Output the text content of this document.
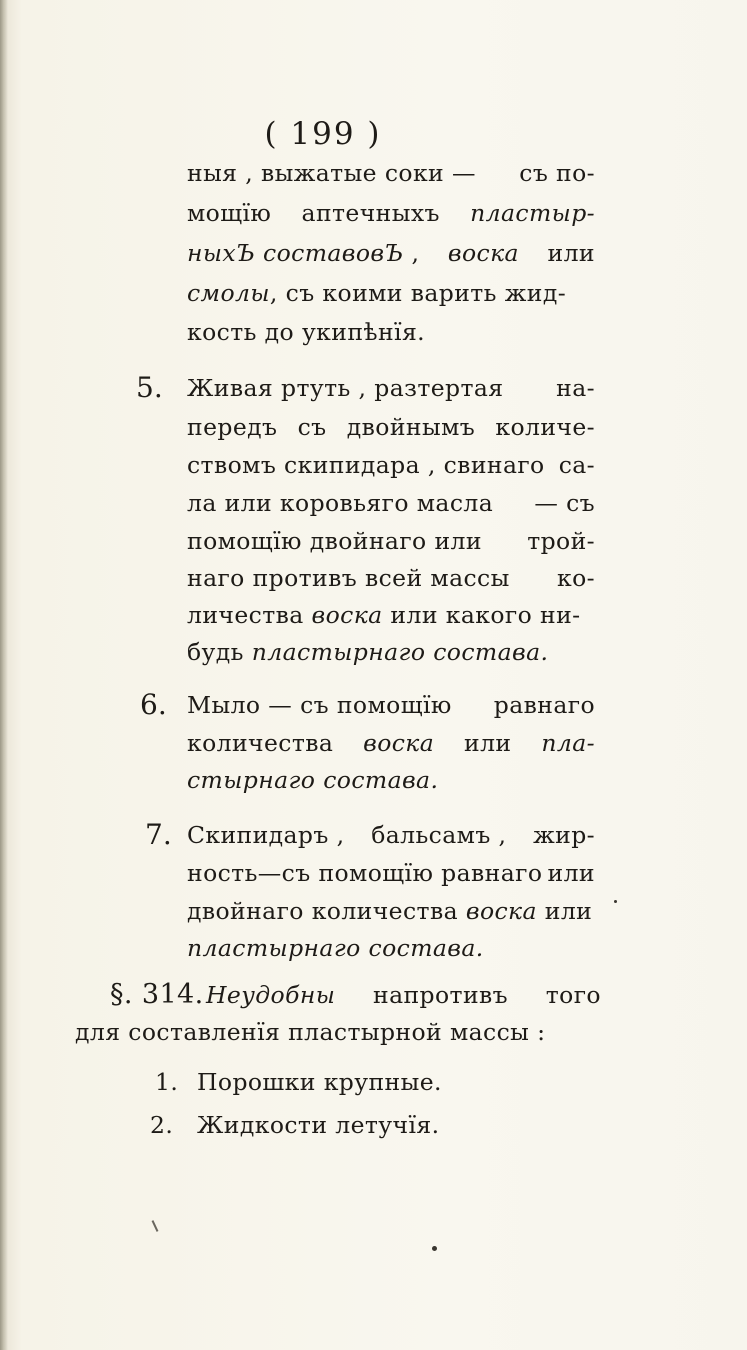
( 199 )
ныя , выжатые соки — съ по-
мощїю аптечныхъ пластыр-
ныхЪ составовЪ , воска или
смолы, съ коими варить жид-
кость до укипѣнїя.
5. Живая ртуть , разтертая на-
передъ съ двойнымъ количе-
ствомъ скипидара , свинаго са-
ла или коровьяго масла — съ
помощїю двойнаго или трой-
наго противъ всей массы ко-
личества воска или какого ни-
будь пластырнаго состава.
6. Мыло — съ помощїю равнаго
количества воска или пла-
стырнаго состава.
7. Скипидаръ , бальсамъ , жир-
ность—съ помощїю равнаго или
двойнаго количества воска или
пластырнаго состава.
§. 314. Неудобны напротивъ того
для составленїя пластырной массы :
1. Порошки крупные.
2. Жидкости летучїя.
